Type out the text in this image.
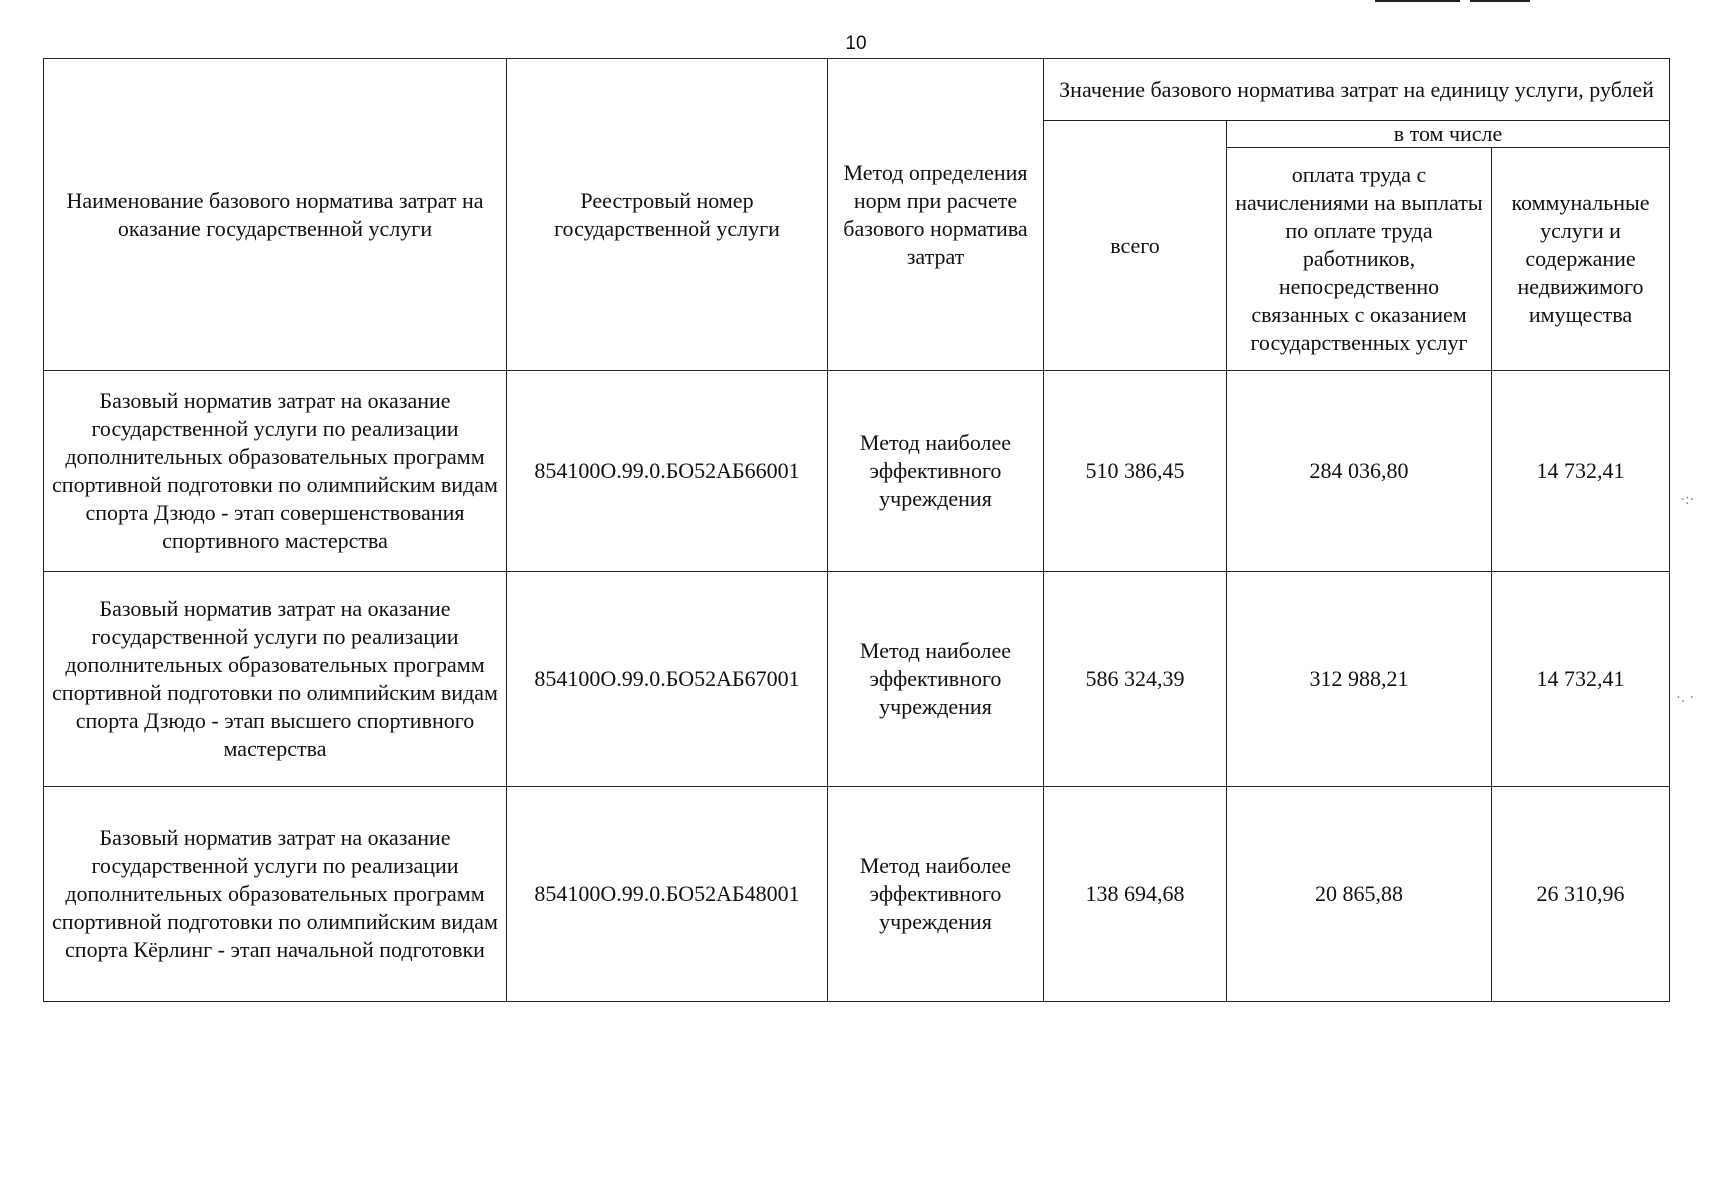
10
Наименование базового норматива затрат на оказание государственной услуги	Реестровый номер государственной услуги	Метод определения норм при расчете базового норматива затрат	Значение базового норматива затрат на единицу услуги, рублей		
			всего	в том числе	
				оплата труда с начислениями на выплаты по оплате труда работников, непосредственно связанных с оказанием государственных услуг	коммунальные услуги и содержание недвижимого имущества
Базовый норматив затрат на оказание государственной услуги по реализации дополнительных образовательных программ спортивной подготовки по олимпийским видам спорта Дзюдо - этап совершенствования спортивного мастерства	854100О.99.0.БО52АБ66001	Метод наиболее эффективного учреждения	510 386,45	284 036,80	14 732,41
Базовый норматив затрат на оказание государственной услуги по реализации дополнительных образовательных программ спортивной подготовки по олимпийским видам спорта Дзюдо - этап высшего спортивного мастерства	854100О.99.0.БО52АБ67001	Метод наиболее эффективного учреждения	586 324,39	312 988,21	14 732,41
Базовый норматив затрат на оказание государственной услуги по реализации дополнительных образовательных программ спортивной подготовки по олимпийским видам спорта Кёрлинг - этап начальной подготовки	854100О.99.0.БО52АБ48001	Метод наиболее эффективного учреждения	138 694,68	20 865,88	26 310,96
·:·
·. ·
